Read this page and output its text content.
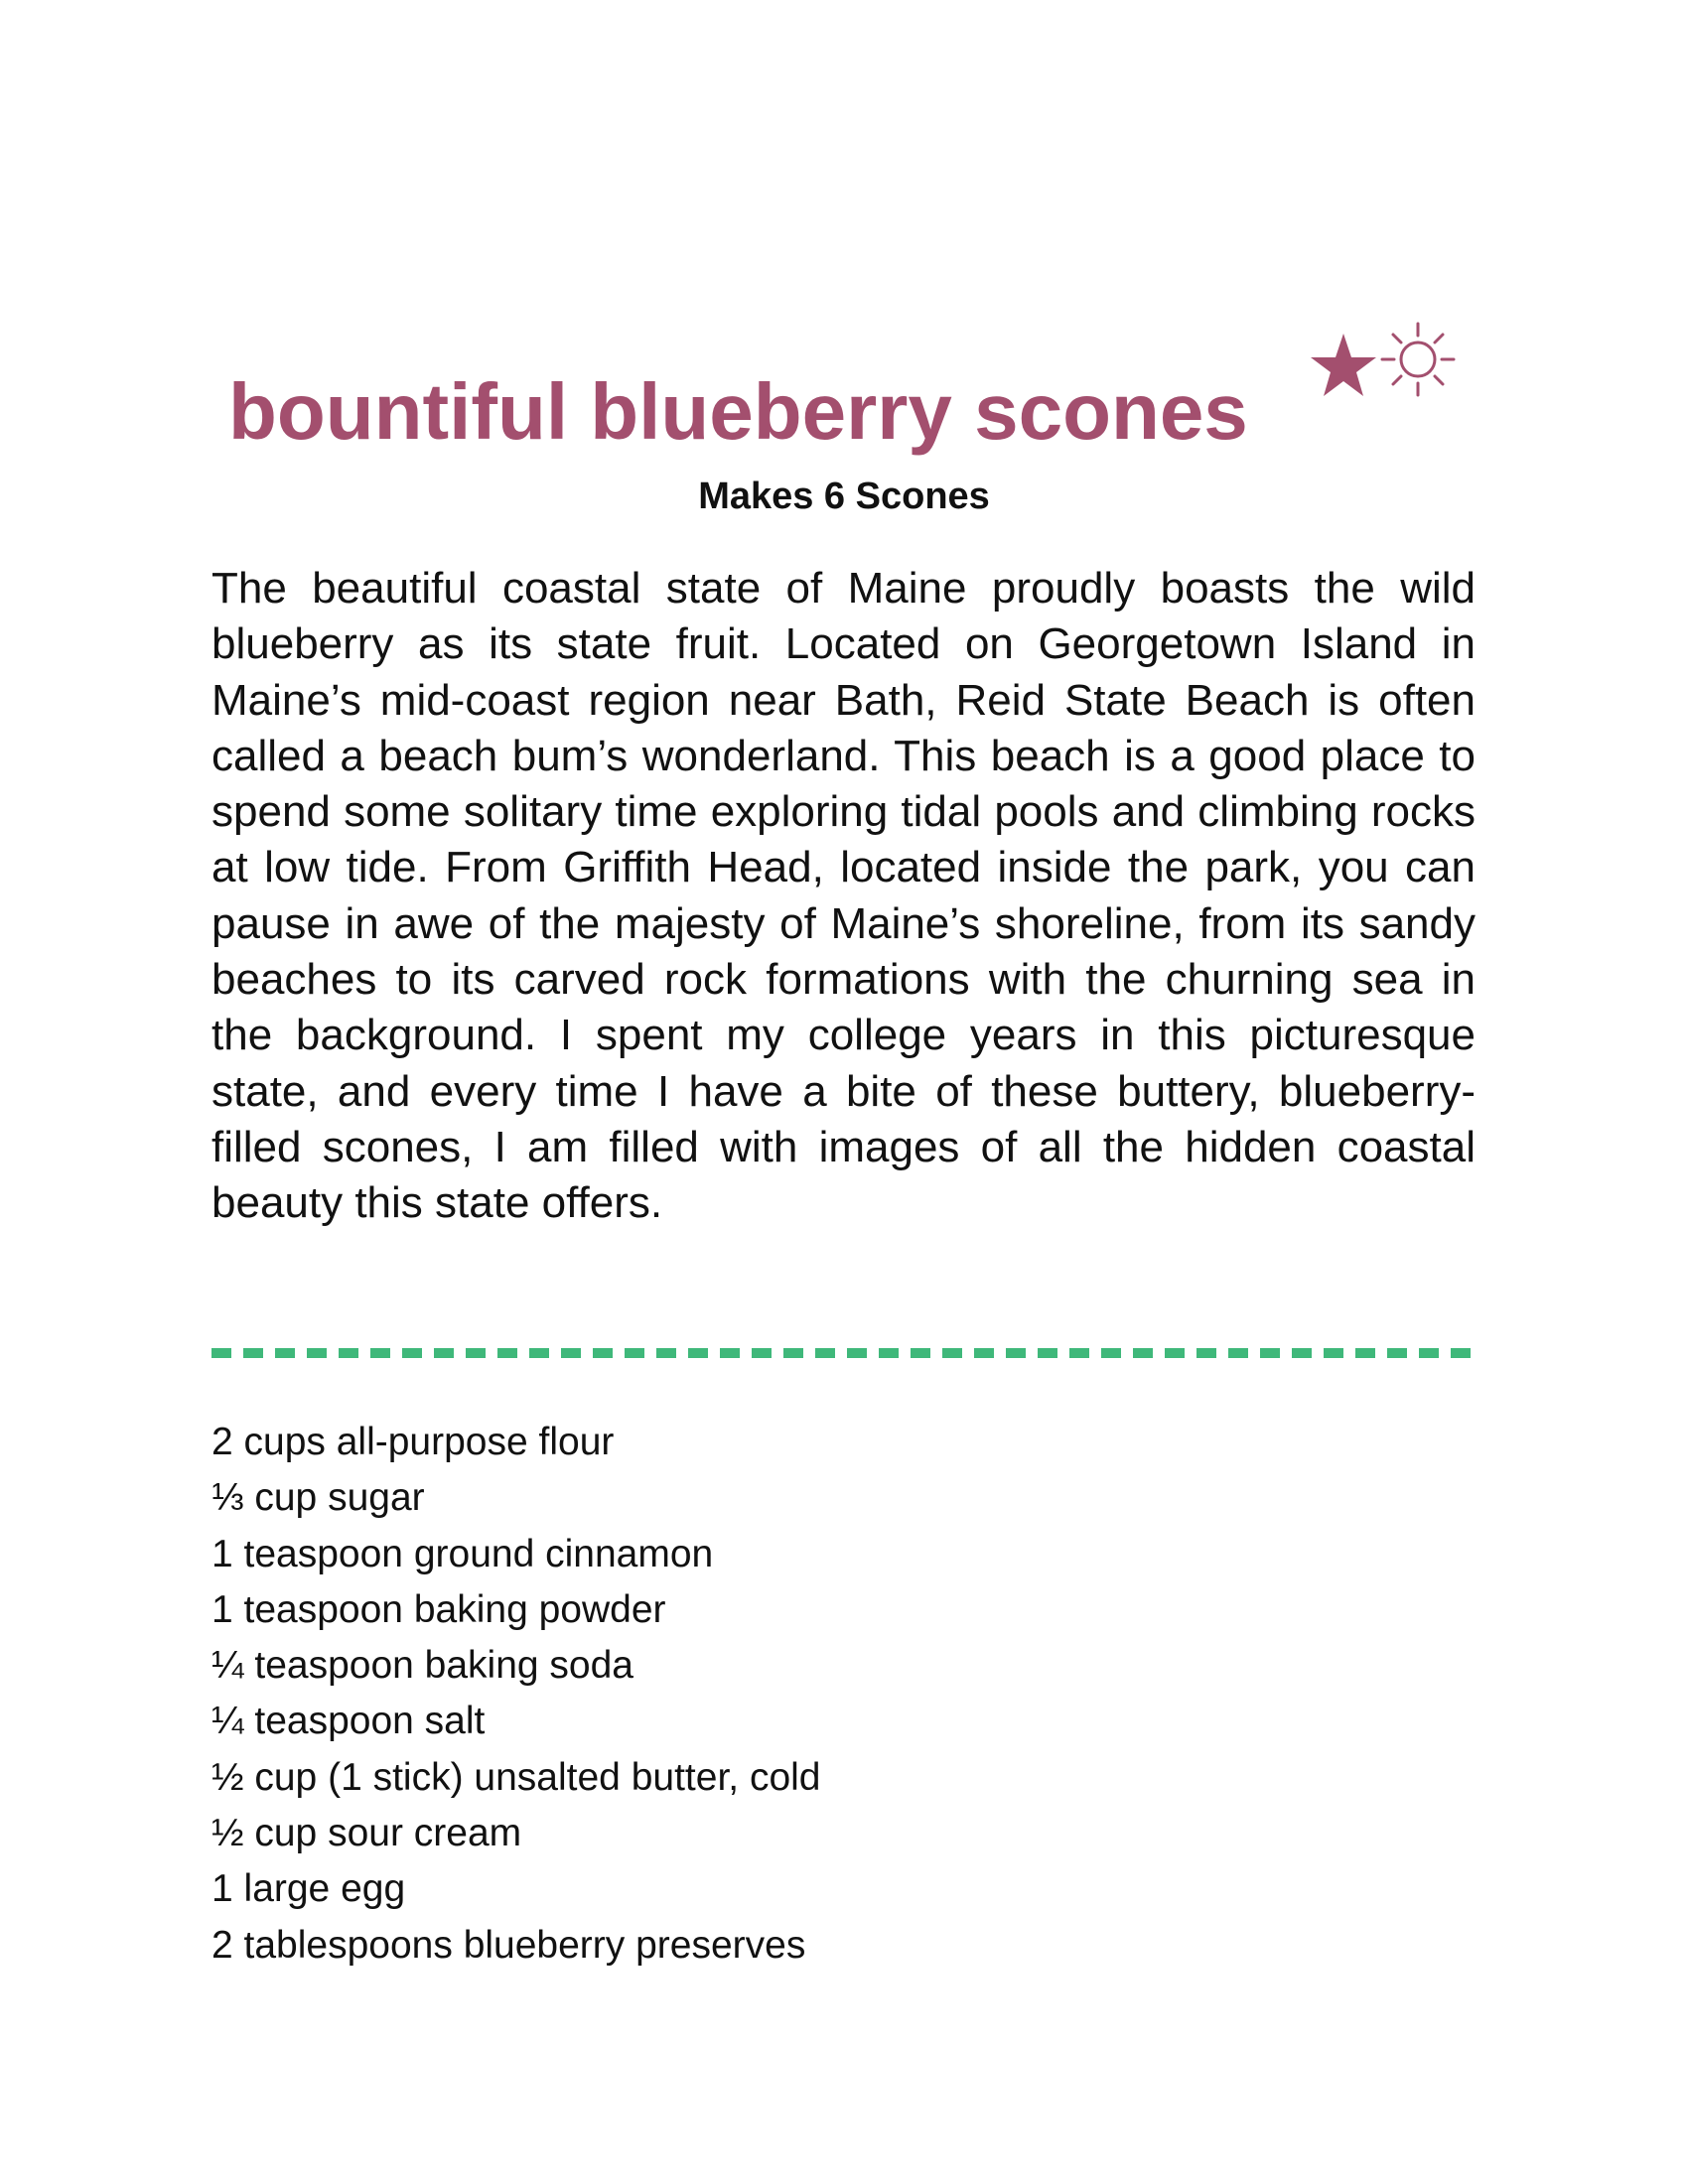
bountiful blueberry scones

Makes 6 Scones

The beautiful coastal state of Maine proudly boasts the wild blueberry as its state fruit. Located on Georgetown Island in Maine’s mid-coast region near Bath, Reid State Beach is often called a beach bum’s wonderland. This beach is a good place to spend some solitary time exploring tidal pools and climbing rocks at low tide. From Griffith Head, located inside the park, you can pause in awe of the majesty of Maine’s shoreline, from its sandy beaches to its carved rock formations with the churning sea in the background. I spent my college years in this picturesque state, and every time I have a bite of these buttery, blueberry-filled scones, I am filled with images of all the hidden coastal beauty this state offers.

2 cups all-purpose flour
⅓ cup sugar
1 teaspoon ground cinnamon
1 teaspoon baking powder
¼ teaspoon baking soda
¼ teaspoon salt
½ cup (1 stick) unsalted butter, cold
½ cup sour cream
1 large egg
2 tablespoons blueberry preserves
